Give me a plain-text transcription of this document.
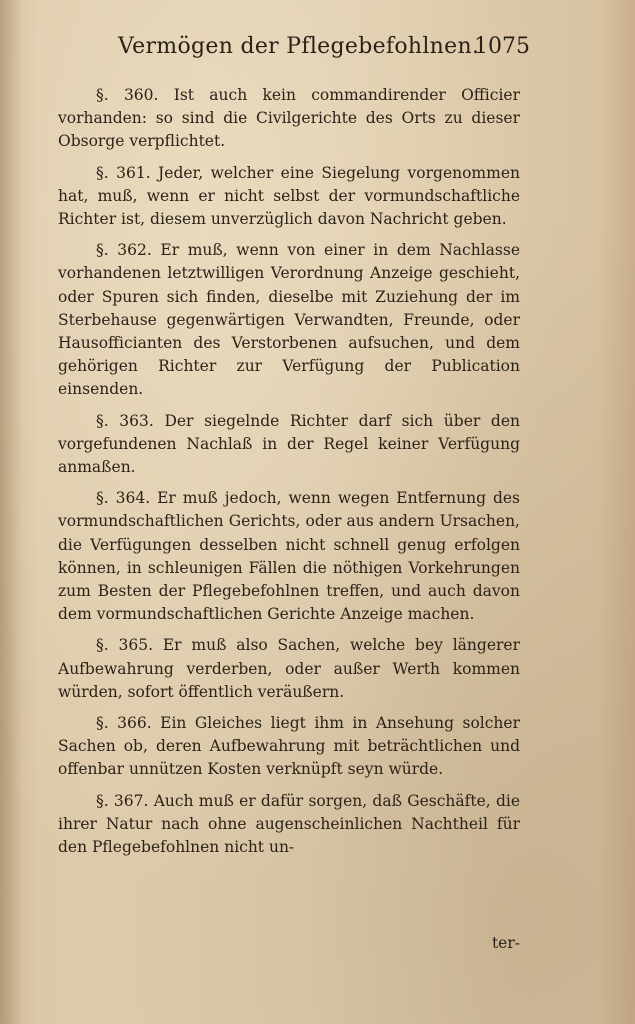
Vermögen der Pflegebefohlnen.
1075

§. 360. Ist auch kein commandirender Officier vorhanden: so sind die Civilgerichte des Orts zu dieser Obsorge verpflichtet.

§. 361. Jeder, welcher eine Siegelung vorgenommen hat, muß, wenn er nicht selbst der vormundschaftliche Richter ist, diesem unverzüglich davon Nachricht geben.

§. 362. Er muß, wenn von einer in dem Nachlasse vorhandenen letztwilligen Verordnung Anzeige geschieht, oder Spuren sich finden, dieselbe mit Zuziehung der im Sterbehause gegenwärtigen Verwandten, Freunde, oder Hausofficianten des Verstorbenen aufsuchen, und dem gehörigen Richter zur Verfügung der Publication einsenden.

§. 363. Der siegelnde Richter darf sich über den vorgefundenen Nachlaß in der Regel keiner Verfügung anmaßen.

§. 364. Er muß jedoch, wenn wegen Entfernung des vormundschaftlichen Gerichts, oder aus andern Ursachen, die Verfügungen desselben nicht schnell genug erfolgen können, in schleunigen Fällen die nöthigen Vorkehrungen zum Besten der Pflegebefohlnen treffen, und auch davon dem vormundschaftlichen Gerichte Anzeige machen.

§. 365. Er muß also Sachen, welche bey längerer Aufbewahrung verderben, oder außer Werth kommen würden, sofort öffentlich veräußern.

§. 366. Ein Gleiches liegt ihm in Ansehung solcher Sachen ob, deren Aufbewahrung mit beträchtlichen und offenbar unnützen Kosten verknüpft seyn würde.

§. 367. Auch muß er dafür sorgen, daß Geschäfte, die ihrer Natur nach ohne augenscheinlichen Nachtheil für den Pflegebefohlnen nicht un-

ter-
